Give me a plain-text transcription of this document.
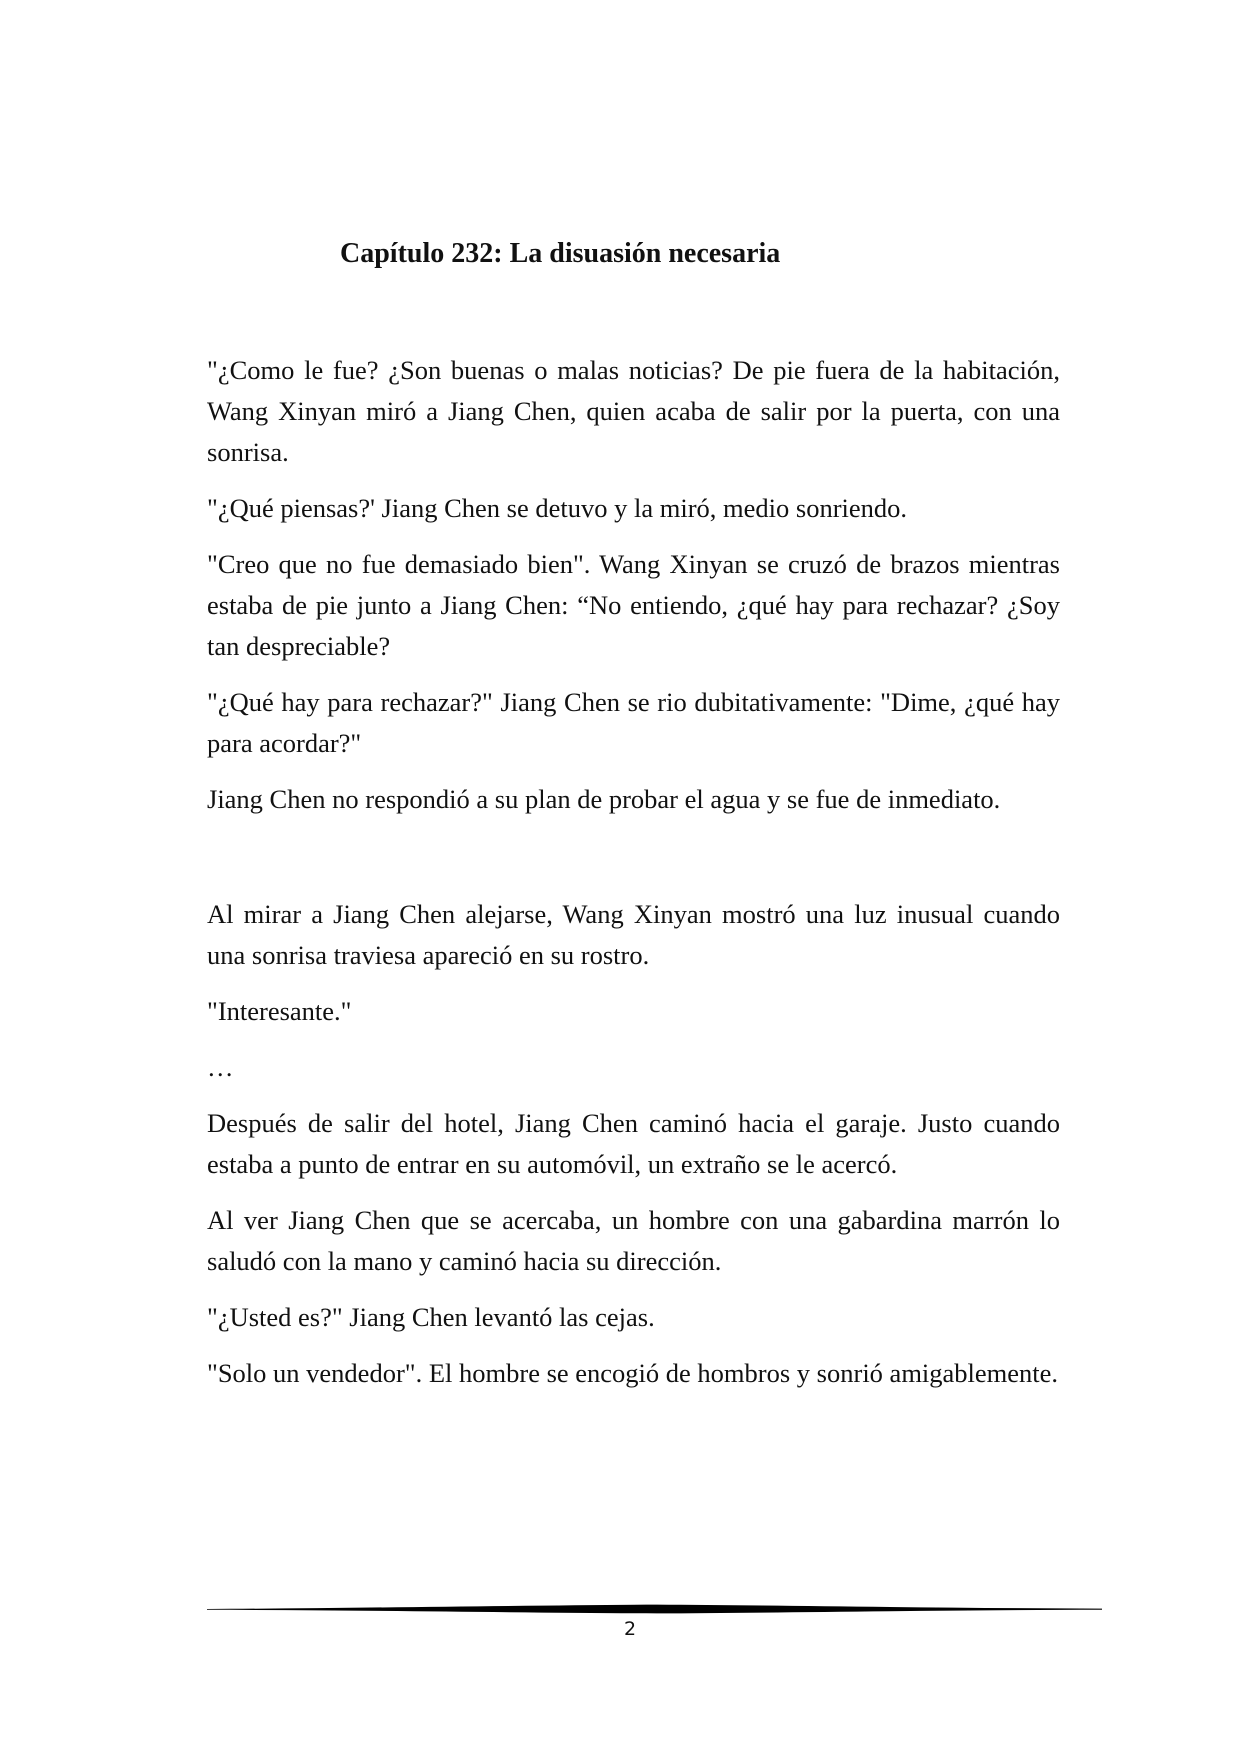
Capítulo 232: La disuasión necesaria

"¿Como le fue? ¿Son buenas o malas noticias? De pie fuera de la habitación, Wang Xinyan miró a Jiang Chen, quien acaba de salir por la puerta, con una sonrisa.

"¿Qué piensas?' Jiang Chen se detuvo y la miró, medio sonriendo.

"Creo que no fue demasiado bien". Wang Xinyan se cruzó de brazos mientras estaba de pie junto a Jiang Chen: “No entiendo, ¿qué hay para rechazar? ¿Soy tan despreciable?

"¿Qué hay para rechazar?" Jiang Chen se rio dubitativamente: "Dime, ¿qué hay para acordar?"

Jiang Chen no respondió a su plan de probar el agua y se fue de inmediato.

Al mirar a Jiang Chen alejarse, Wang Xinyan mostró una luz inusual cuando una sonrisa traviesa apareció en su rostro.

"Interesante."

…

Después de salir del hotel, Jiang Chen caminó hacia el garaje. Justo cuando estaba a punto de entrar en su automóvil, un extraño se le acercó.

Al ver Jiang Chen que se acercaba, un hombre con una gabardina marrón lo saludó con la mano y caminó hacia su dirección.

"¿Usted es?" Jiang Chen levantó las cejas.

"Solo un vendedor". El hombre se encogió de hombros y sonrió amigablemente.

2
